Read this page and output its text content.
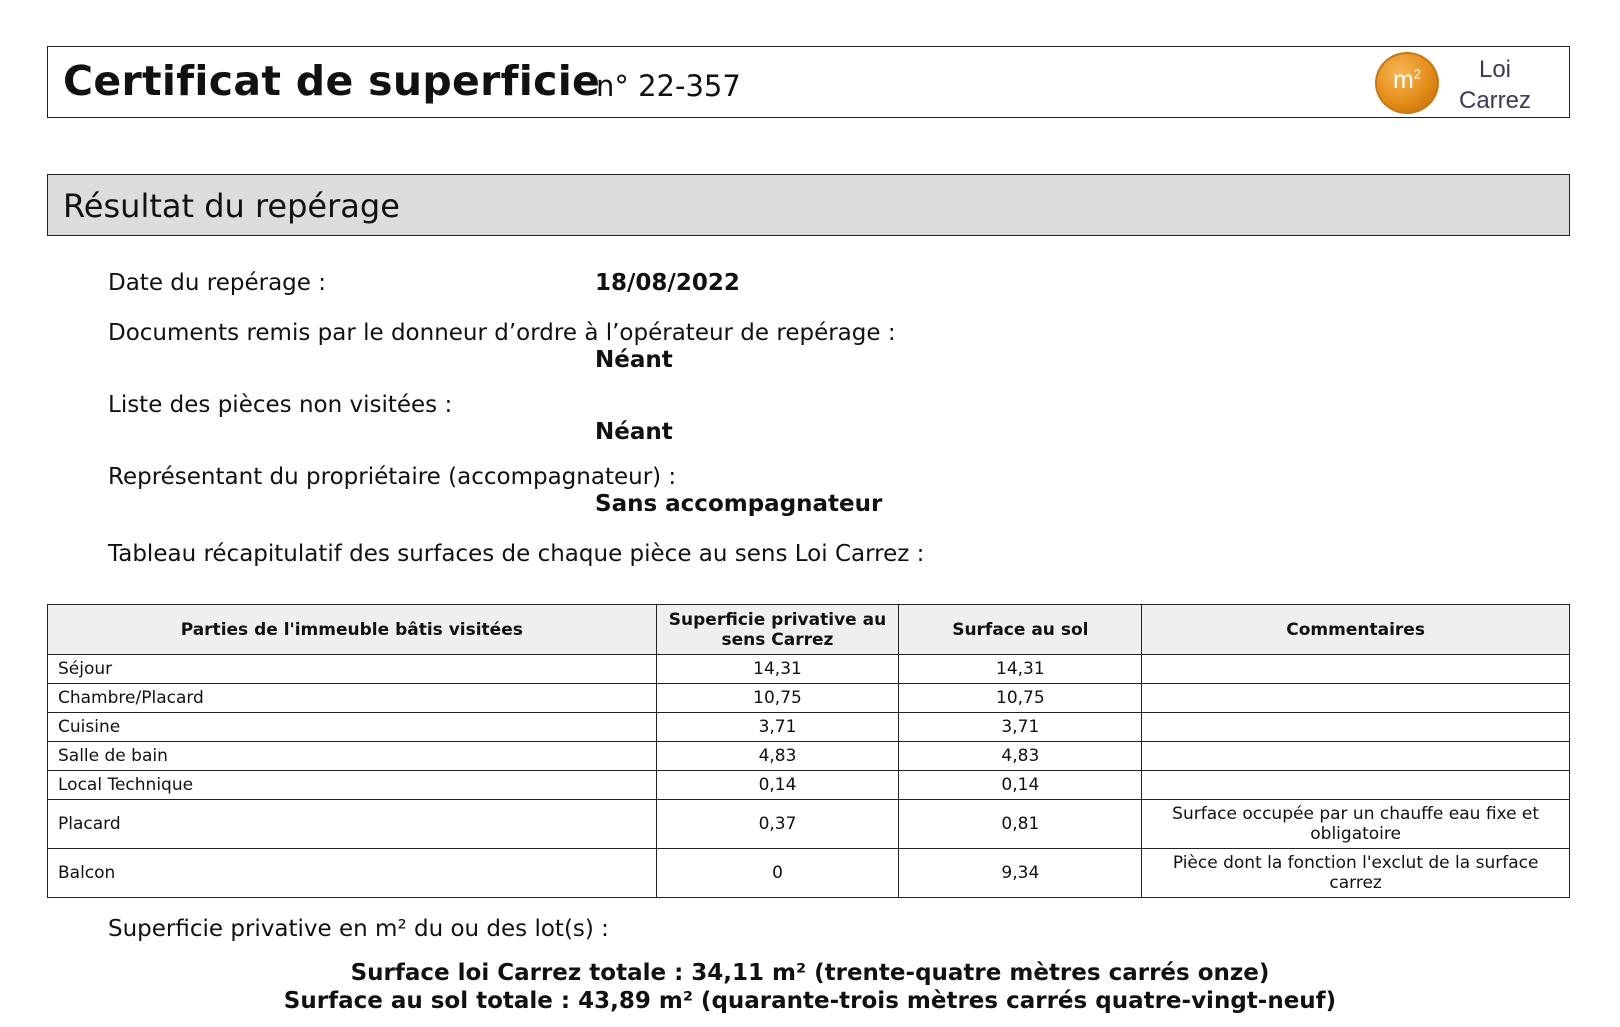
Certificat de superficie
n° 22-357	$m^2$	Loi
Carrez
Résultat du repérage
Date du repérage :	18/08/2022
Documents remis par le donneur d’ordre à l’opérateur de repérage :
Néant
Liste des pièces non visitées :
Néant
Représentant du propriétaire (accompagnateur) :
Sans accompagnateur
Tableau récapitulatif des surfaces de chaque pièce au sens Loi Carrez :
Parties de l'immeuble bâtis visitées	Superficie privative au sens Carrez	Surface au sol	Commentaires
Séjour	14,31	14,31	
Chambre/Placard	10,75	10,75	
Cuisine	3,71	3,71	
Salle de bain	4,83	4,83	
Local Technique	0,14	0,14	
Placard	0,37	0,81	Surface occupée par un chauffe eau fixe et obligatoire
Balcon	0	9,34	Pièce dont la fonction l'exclut de la surface carrez
Superficie privative en m² du ou des lot(s) :
Surface loi Carrez totale : 34,11 m² (trente-quatre mètres carrés onze)
Surface au sol totale : 43,89 m² (quarante-trois mètres carrés quatre-vingt-neuf)
